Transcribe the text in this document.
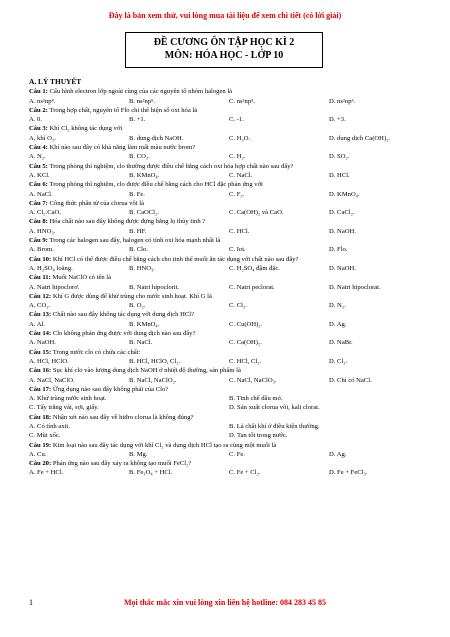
Đây là bản xem thử, vui lòng mua tài liệu để xem chi tiết (có lời giải)
ĐỀ CƯƠNG ÔN TẬP HỌC KÌ 2
MÔN: HÓA HỌC - LỚP 10
A. LÝ THUYẾT
Câu 1: Cấu hình electron lớp ngoài cùng của các nguyên tố nhóm halogen là
A. ns²np⁴.	B. ns²np⁵.	C. ns²np³.	D. ns²np⁶.
Câu 2: Trong hợp chất, nguyên tố Flo chỉ thể hiện số oxi hóa là
A. 0.	B. +1.	C. -1.	D. +3.
Câu 3: Khí Cl₂ không tác dụng với
A. khí O₂.	B. dung dịch NaOH.	C. H₂O.	D. dung dịch Ca(OH)₂.
Câu 4: Khí nào sau đây có khả năng làm mất màu nước brom?
A. N₂.	B. CO₂.	C. H₂.	D. SO₂.
Câu 5: Trong phòng thí nghiệm, clo thường được điều chế bằng cách oxi hóa hợp chất nào sau đây?
A. KCl.	B. KMnO₄.	C. NaCl.	D. HCl.
Câu 6: Trong phòng thí nghiệm, clo được điều chế bằng cách cho HCl đặc phản ứng với
A. NaCl.	B. Fe.	C. F₂.	D. KMnO₄.
Câu 7: Công thức phân tử của clorua vôi là
A. Cl₂.CaO.	B. CaOCl₂.	C. Ca(OH)₂ và CaO.	D. CaCl₂.
Câu 8: Hóa chất nào sau đây không được đựng bằng lọ thủy tinh ?
A. HNO₃.	B. HF.	C. HCl.	D. NaOH.
Câu 9: Trong các halogen sau đây, halogen có tính oxi hóa mạnh nhất là
A. Brom.	B. Clo.	C. Iot.	D. Flo.
Câu 10: Khí HCl có thể được điều chế bằng cách cho tinh thể muối ăn tác dụng với chất nào sau đây?
A. H₂SO₄ loãng.	B. HNO₃.	C. H₂SO₄ đậm đặc.	D. NaOH.
Câu 11: Muối NaClO có tên là
A. Natri hipoclorơ.	B. Natri hipoclorit.	C. Natri peclorat.	D. Natri hipoclorat.
Câu 12: Khí G được dùng để khử trùng cho nước sinh hoạt. Khí G là
A. CO₂.	B. O₂.	C. Cl₂.	D. N₂.
Câu 13: Chất nào sau đây không tác dụng với dung dịch HCl?
A. Al.	B. KMnO₄.	C. Cu(OH)₂.	D. Ag.
Câu 14: Clo không phản ứng được với dung dịch nào sau đây?
A. NaOH.	B. NaCl.	C. Ca(OH)₂.	D. NaBr.
Câu 15: Trong nước clo có chứa các chất:
A. HCl, HClO.	B. HCl, HClO, Cl₂.	C. HCl, Cl₂.	D. Cl₂.
Câu 16: Sục khí clo vào lượng dung dịch NaOH ở nhiệt độ thường, sản phẩm là
A. NaCl, NaClO.	B. NaCl, NaClO₂.	C. NaCl, NaClO₃.	D. Chỉ có NaCl.
Câu 17: Ứng dụng nào sau đây không phải của Clo?
A. Khử trùng nước sinh hoạt.	B. Tinh chế dầu mỏ.
C. Tẩy trắng vải, sợi, giấy.	D. Sản xuất clorua vôi, kali clorat.
Câu 18: Nhận xét nào sau đây về hiđro clorua là không đúng?
A. Có tính axit.	B. Là chất khí ở điều kiện thường.
C. Mùi xốc.	D. Tan tốt trong nước.
Câu 19: Kim loại nào sau đây tác dụng với khí Cl₂ và dung dịch HCl tạo ra cùng một muối là
A. Cu.	B. Mg.	C. Fe.	D. Ag.
Câu 20: Phản ứng nào sau đây xảy ra không tạo muối FeCl₂?
A. Fe + HCl.	B. Fe₃O₄ + HCl.	C. Fe + Cl₂.	D. Fe + FeCl₃.
1	Mọi thắc mắc xin vui lòng xin liên hệ hotline: 084 283 45 85
